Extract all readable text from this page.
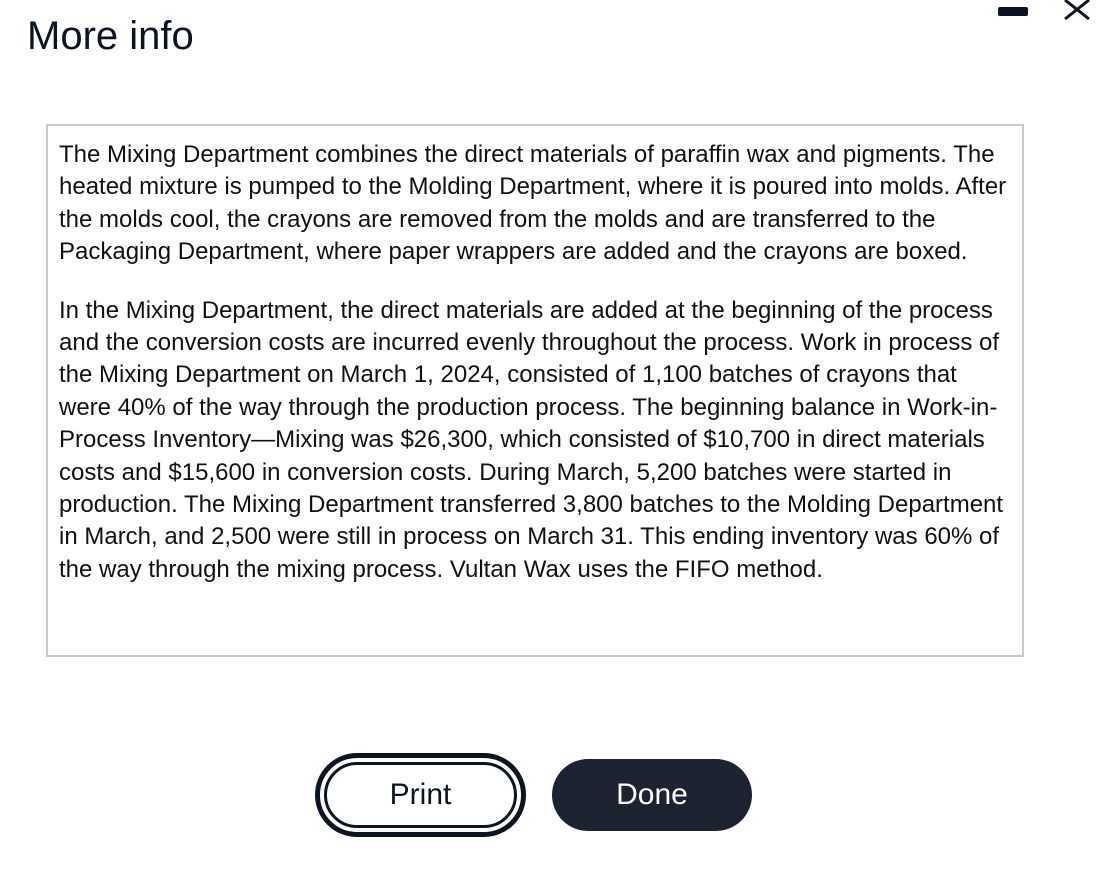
More info

The Mixing Department combines the direct materials of paraffin wax and pigments. The heated mixture is pumped to the Molding Department, where it is poured into molds. After the molds cool, the crayons are removed from the molds and are transferred to the Packaging Department, where paper wrappers are added and the crayons are boxed.

In the Mixing Department, the direct materials are added at the beginning of the process and the conversion costs are incurred evenly throughout the process. Work in process of the Mixing Department on March 1, 2024, consisted of 1,100 batches of crayons that were 40% of the way through the production process. The beginning balance in Work-in-Process Inventory—Mixing was $26,300, which consisted of $10,700 in direct materials costs and $15,600 in conversion costs. During March, 5,200 batches were started in production. The Mixing Department transferred 3,800 batches to the Molding Department in March, and 2,500 were still in process on March 31. This ending inventory was 60% of the way through the mixing process. Vultan Wax uses the FIFO method.

Print	Done
